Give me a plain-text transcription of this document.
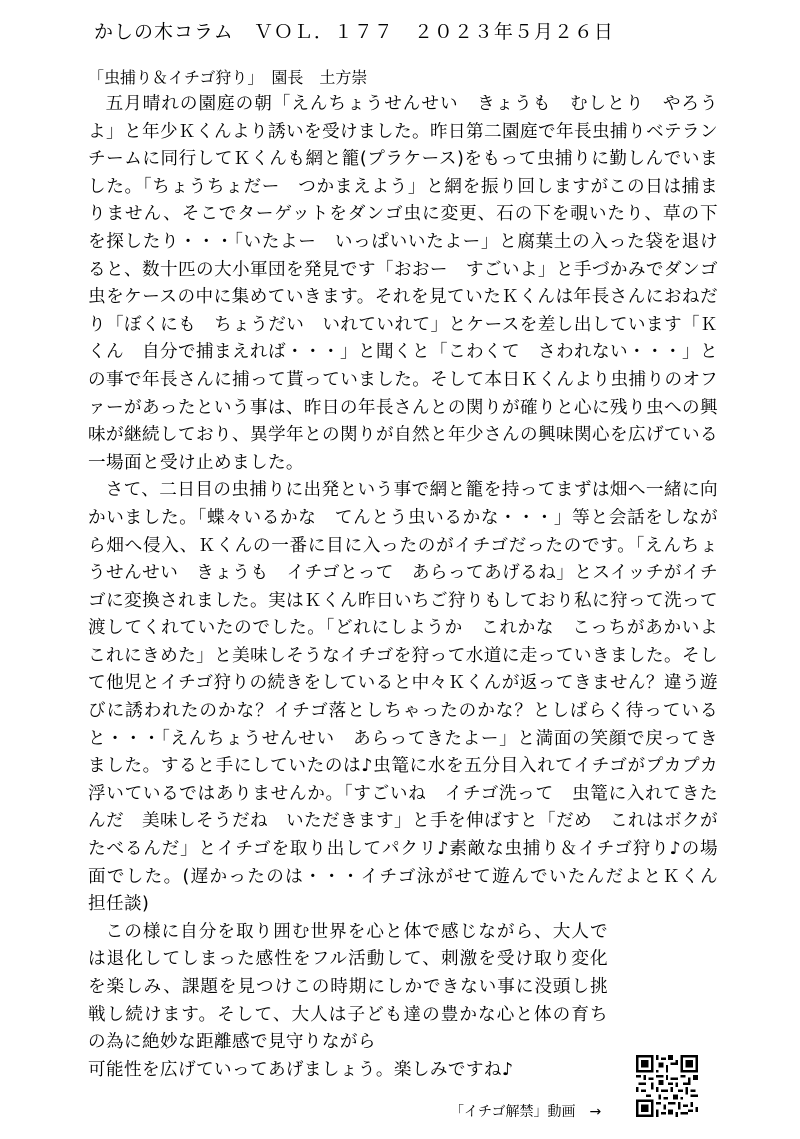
かしの木コラム　 ＶＯＬ．１７７　 ２０２３年５月２６日
「虫捕り＆イチゴ狩り」　 園長　土方崇

五月晴れの園庭の朝「えんちょうせんせい　きょうも　むしとり　やろうよ」と年少Ｋくんより誘いを受けました。昨日第二園庭で年長虫捕りベテランチームに同行してＫくんも網と籠(プラケース)をもって虫捕りに勤しんでいました。「ちょうちょだー　つかまえよう」と網を振り回しますがこの日は捕まりません、そこでターゲットをダンゴ虫に変更、石の下を覗いたり、草の下を探したり・・・「いたよー　いっぱいいたよー」と腐葉土の入った袋を退けると、数十匹の大小軍団を発見です「おおー　すごいよ」と手づかみでダンゴ虫をケースの中に集めていきます。それを見ていたＫくんは年長さんにおねだり「ぼくにも　ちょうだい　いれていれて」とケースを差し出しています「Ｋくん　自分で捕まえれば・・・」と聞くと「こわくて　さわれない・・・」との事で年長さんに捕って貰っていました。そして本日Ｋくんより虫捕りのオファーがあったという事は、昨日の年長さんとの関りが確りと心に残り虫への興味が継続しており、異学年との関りが自然と年少さんの興味関心を広げている一場面と受け止めました。

さて、二日目の虫捕りに出発という事で網と籠を持ってまずは畑へ一緒に向かいました。「蝶々いるかな　てんとう虫いるかな・・・」等と会話をしながら畑へ侵入、Ｋくんの一番に目に入ったのがイチゴだったのです。「えんちょうせんせい　きょうも　イチゴとって　あらってあげるね」とスイッチがイチゴに変換されました。実はＫくん昨日いちご狩りもしており私に狩って洗って渡してくれていたのでした。「どれにしようか　これかな　こっちがあかいよ　これにきめた」と美味しそうなイチゴを狩って水道に走っていきました。そして他児とイチゴ狩りの続きをしていると中々Ｋくんが返ってきません？違う遊びに誘われたのかな？イチゴ落としちゃったのかな？としばらく待っていると・・・「えんちょうせんせい　あらってきたよー」と満面の笑顔で戻ってきました。すると手にしていたのは♪虫篭に水を五分目入れてイチゴがプカプカ浮いているではありませんか。「すごいね　イチゴ洗って　虫篭に入れてきたんだ　美味しそうだね　いただきます」と手を伸ばすと「だめ　これはボクがたべるんだ」とイチゴを取り出してパクリ♪素敵な虫捕り＆イチゴ狩り♪の場面でした。(遅かったのは・・・イチゴ泳がせて遊んでいたんだよとＫくん　担任談)

この様に自分を取り囲む世界を心と体で感じながら、大人では退化してしまった感性をフル活動して、刺激を受け取り変化を楽しみ、課題を見つけこの時期にしかできない事に没頭し挑戦し続けます。そして、大人は子ども達の豊かな心と体の育ちの為に絶妙な距離感で見守りながら

可能性を広げていってあげましょう。楽しみですね♪

「イチゴ解禁」動画　→
